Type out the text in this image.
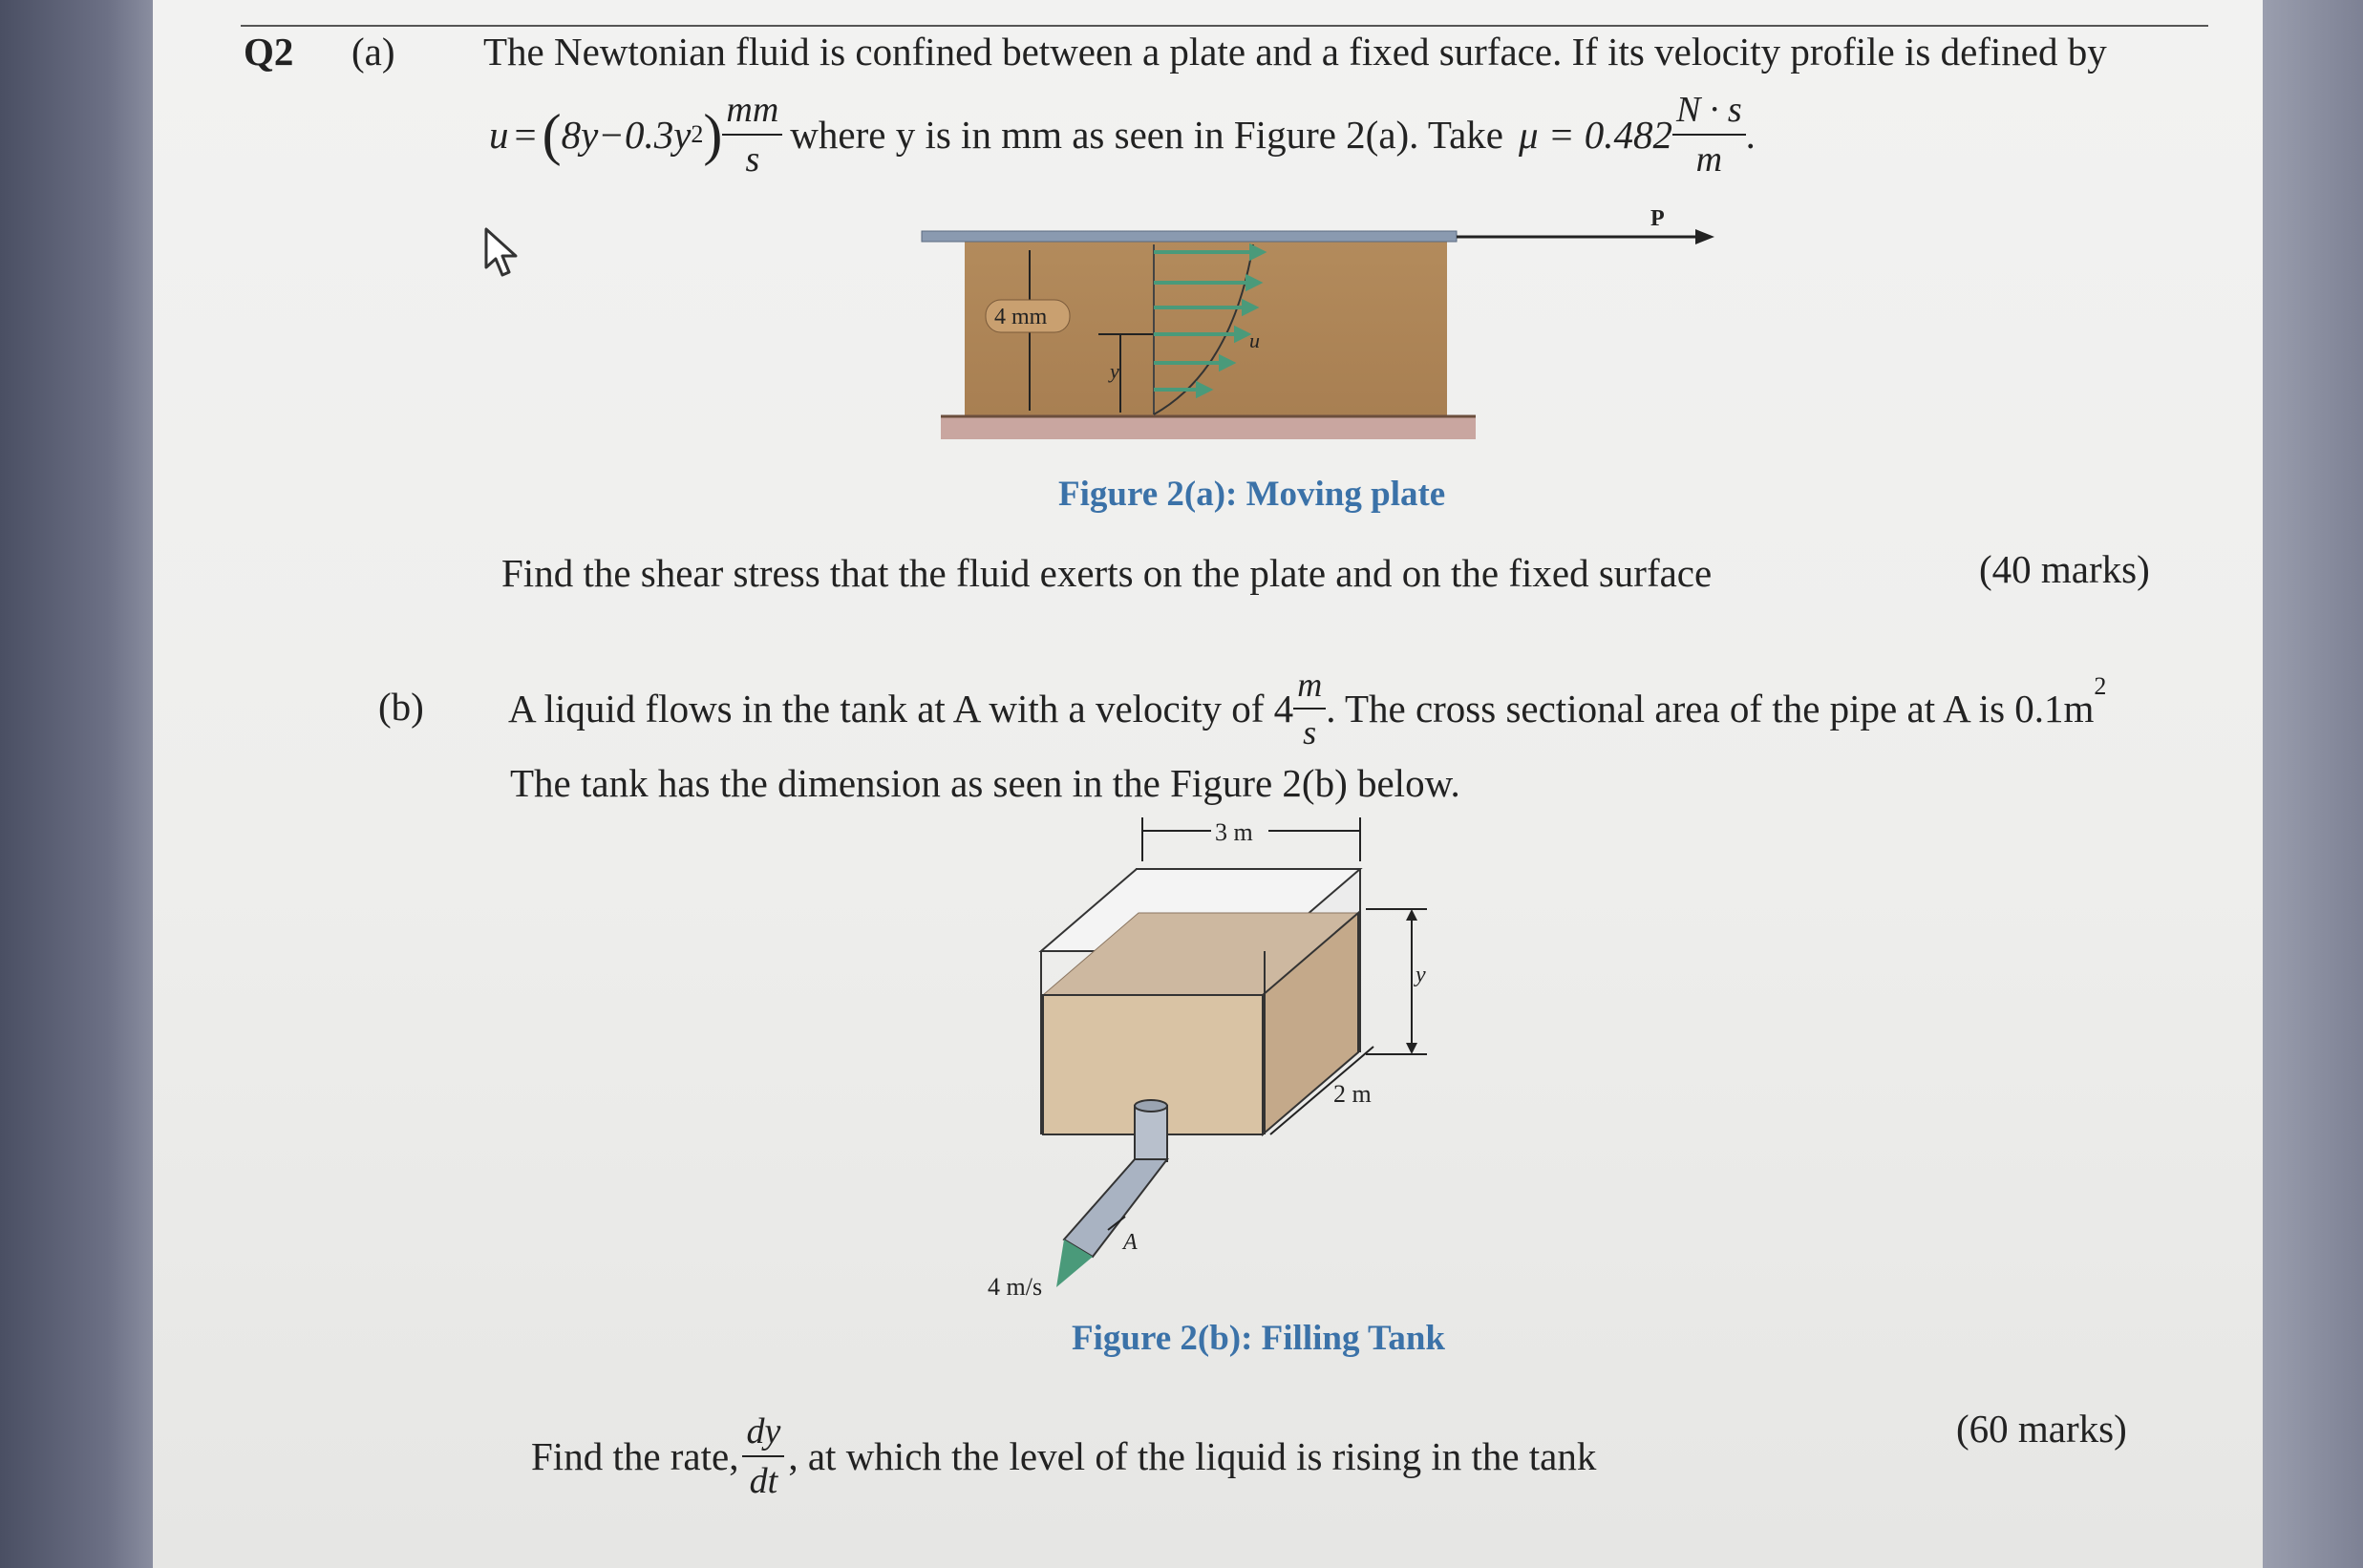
Q2 (a) The Newtonian fluid is confined between a plate and a fixed surface. If its velocity profile is defined by
u = ( 8y−0.3y 2 ) $\frac{mm}{s}$ where y is in mm as seen in Figure 2(a). Take $\mu = 0.482 \frac{N \cdot s}{m}$ .
P
4 mm
y
u
Figure 2(a): Moving plate
Find the shear stress that the fluid exerts on the plate and on the fixed surface	(40 marks)
(b) A liquid flows in the tank at A with a velocity of $4 \frac{m}{s}$ . The cross sectional area of the pipe at A is 0.1m
$^2$
The tank has the dimension as seen in the Figure 2(b) below.
3 m
y
2 m
A
4 m/s
Figure 2(b): Filling Tank
Find the rate, $\frac{dy}{dt}$ , at which the level of the liquid is rising in the tank
(60 marks)
